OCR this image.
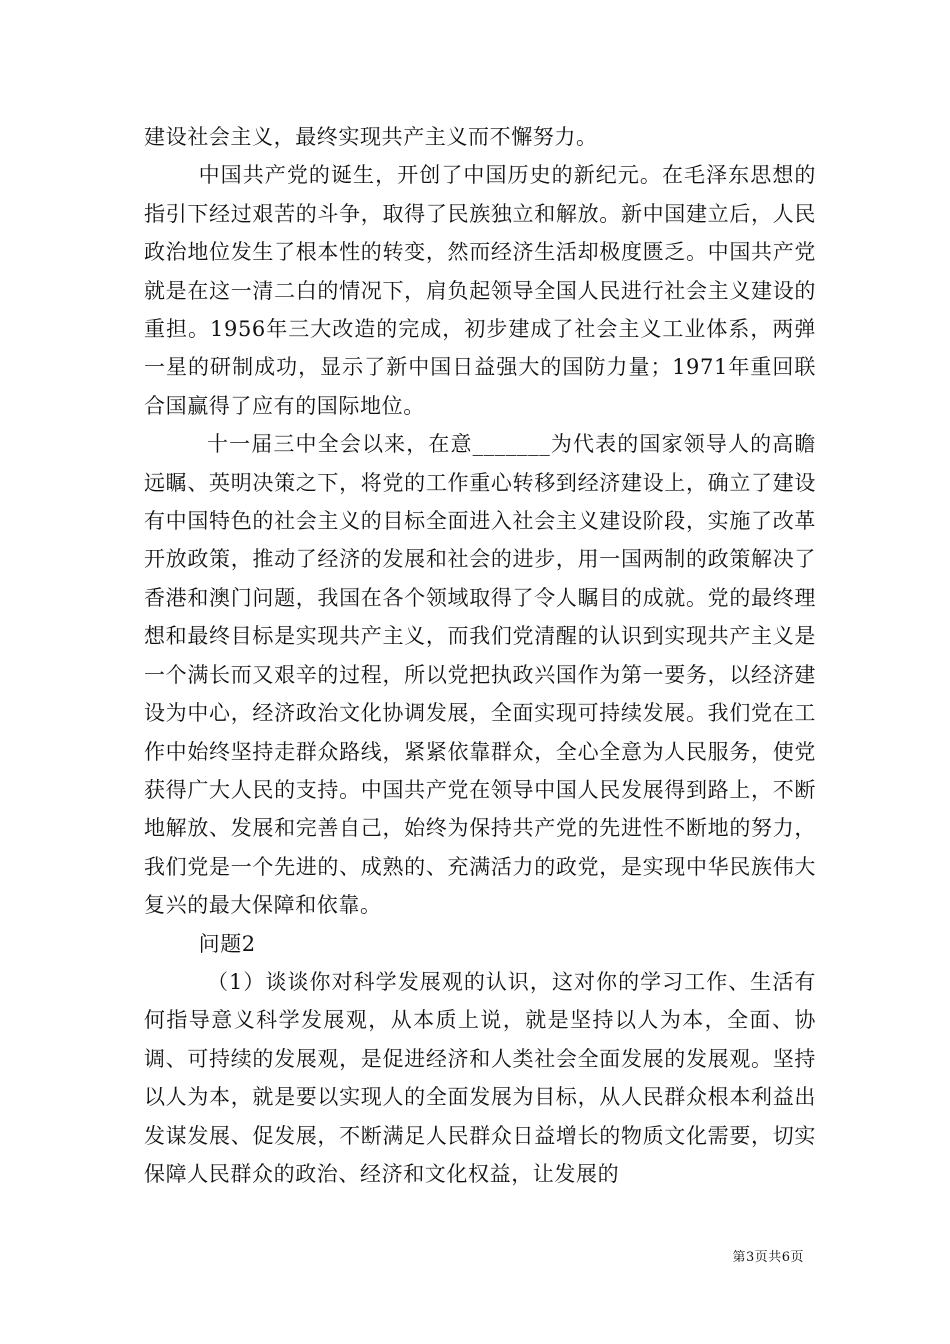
建设社会主义，最终实现共产主义而不懈努力。

中国共产党的诞生，开创了中国历史的新纪元。在毛泽东思想的指引下经过艰苦的斗争，取得了民族独立和解放。新中国建立后，人民政治地位发生了根本性的转变，然而经济生活却极度匮乏。中国共产党就是在这一清二白的情况下，肩负起领导全国人民进行社会主义建设的重担。1956年三大改造的完成，初步建成了社会主义工业体系，两弹一星的研制成功，显示了新中国日益强大的国防力量；1971年重回联合国赢得了应有的国际地位。

十一届三中全会以来，在意_______为代表的国家领导人的高瞻远瞩、英明决策之下，将党的工作重心转移到经济建设上，确立了建设有中国特色的社会主义的目标全面进入社会主义建设阶段，实施了改革开放政策，推动了经济的发展和社会的进步，用一国两制的政策解决了香港和澳门问题，我国在各个领域取得了令人瞩目的成就。党的最终理想和最终目标是实现共产主义，而我们党清醒的认识到实现共产主义是一个满长而又艰辛的过程，所以党把执政兴国作为第一要务，以经济建设为中心，经济政治文化协调发展，全面实现可持续发展。我们党在工作中始终坚持走群众路线，紧紧依靠群众，全心全意为人民服务，使党获得广大人民的支持。中国共产党在领导中国人民发展得到路上，不断地解放、发展和完善自己，始终为保持共产党的先进性不断地的努力，我们党是一个先进的、成熟的、充满活力的政党，是实现中华民族伟大复兴的最大保障和依靠。

问题2

（1）谈谈你对科学发展观的认识，这对你的学习工作、生活有何指导意义科学发展观，从本质上说，就是坚持以人为本，全面、协调、可持续的发展观，是促进经济和人类社会全面发展的发展观。坚持以人为本，就是要以实现人的全面发展为目标，从人民群众根本利益出发谋发展、促发展，不断满足人民群众日益增长的物质文化需要，切实保障人民群众的政治、经济和文化权益，让发展的

第3页共6页
